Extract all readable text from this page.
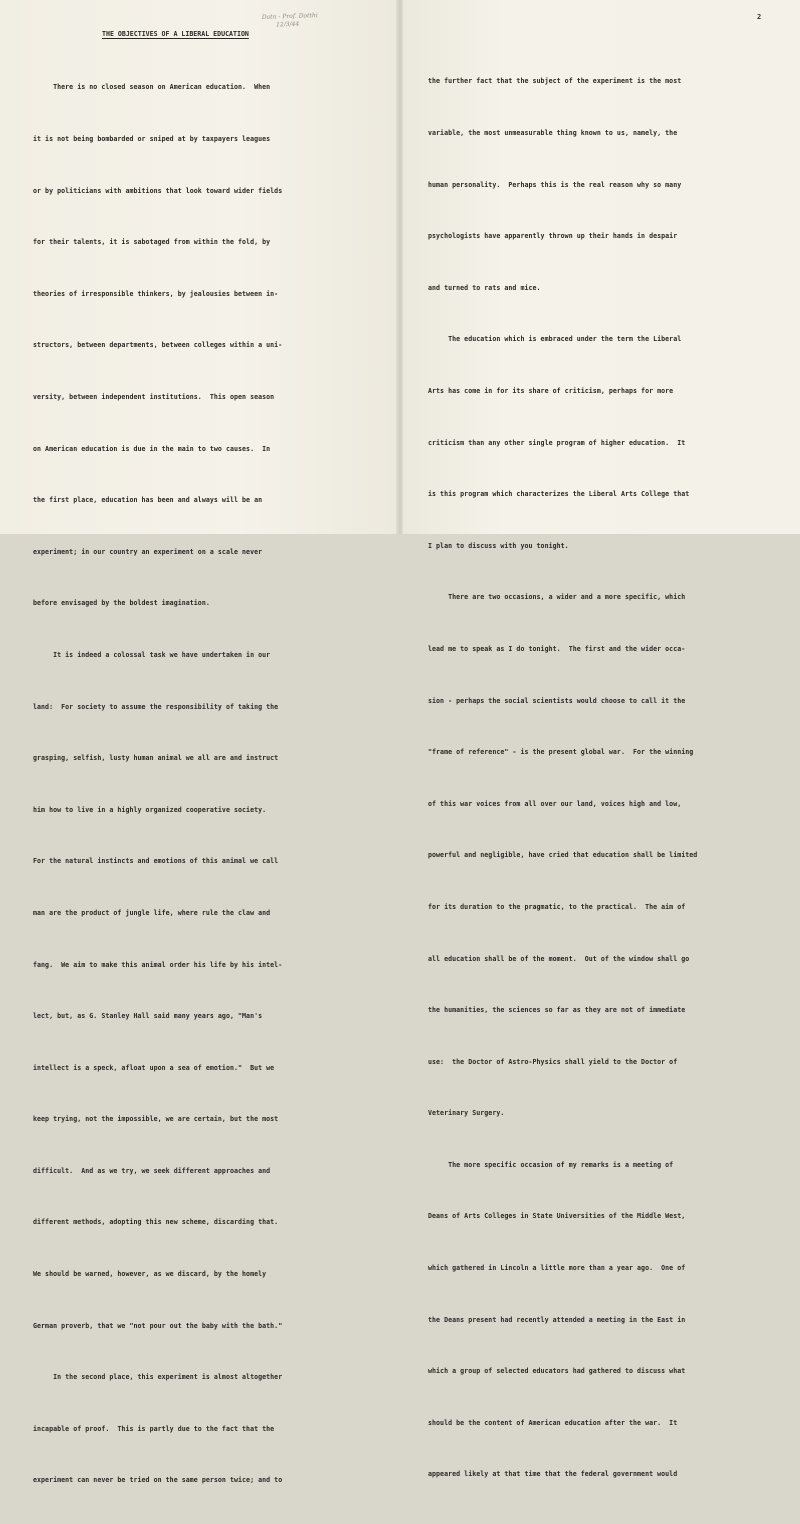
Datn - Prof. Dotthi
12/3/44
THE OBJECTIVES OF A LIBERAL EDUCATION
2

There is no closed season on American education.  When

it is not being bombarded or sniped at by taxpayers leagues

or by politicians with ambitions that look toward wider fields

for their talents, it is sabotaged from within the fold, by

theories of irresponsible thinkers, by jealousies between in-

structors, between departments, between colleges within a uni-

versity, between independent institutions.  This open season

on American education is due in the main to two causes.  In

the first place, education has been and always will be an

experiment; in our country an experiment on a scale never

before envisaged by the boldest imagination.

It is indeed a colossal task we have undertaken in our

land:  For society to assume the responsibility of taking the

grasping, selfish, lusty human animal we all are and instruct

him how to live in a highly organized cooperative society.

For the natural instincts and emotions of this animal we call

man are the product of jungle life, where rule the claw and

fang.  We aim to make this animal order his life by his intel-

lect, but, as G. Stanley Hall said many years ago, "Man's

intellect is a speck, afloat upon a sea of emotion."  But we

keep trying, not the impossible, we are certain, but the most

difficult.  And as we try, we seek different approaches and

different methods, adopting this new scheme, discarding that.

We should be warned, however, as we discard, by the homely

German proverb, that we "not pour out the baby with the bath."

In the second place, this experiment is almost altogether

incapable of proof.  This is partly due to the fact that the

experiment can never be tried on the same person twice; and to

the further fact that the subject of the experiment is the most

variable, the most unmeasurable thing known to us, namely, the

human personality.  Perhaps this is the real reason why so many

psychologists have apparently thrown up their hands in despair

and turned to rats and mice.

The education which is embraced under the term the Liberal

Arts has come in for its share of criticism, perhaps for more

criticism than any other single program of higher education.  It

is this program which characterizes the Liberal Arts College that

I plan to discuss with you tonight.

There are two occasions, a wider and a more specific, which

lead me to speak as I do tonight.  The first and the wider occa-

sion - perhaps the social scientists would choose to call it the

"frame of reference" - is the present global war.  For the winning

of this war voices from all over our land, voices high and low,

powerful and negligible, have cried that education shall be limited

for its duration to the pragmatic, to the practical.  The aim of

all education shall be of the moment.  Out of the window shall go

the humanities, the sciences so far as they are not of immediate

use:  the Doctor of Astro-Physics shall yield to the Doctor of

Veterinary Surgery.

The more specific occasion of my remarks is a meeting of

Deans of Arts Colleges in State Universities of the Middle West,

which gathered in Lincoln a little more than a year ago.  One of

the Deans present had recently attended a meeting in the East in

which a group of selected educators had gathered to discuss what

should be the content of American education after the war.  It

appeared likely at that time that the federal government would
